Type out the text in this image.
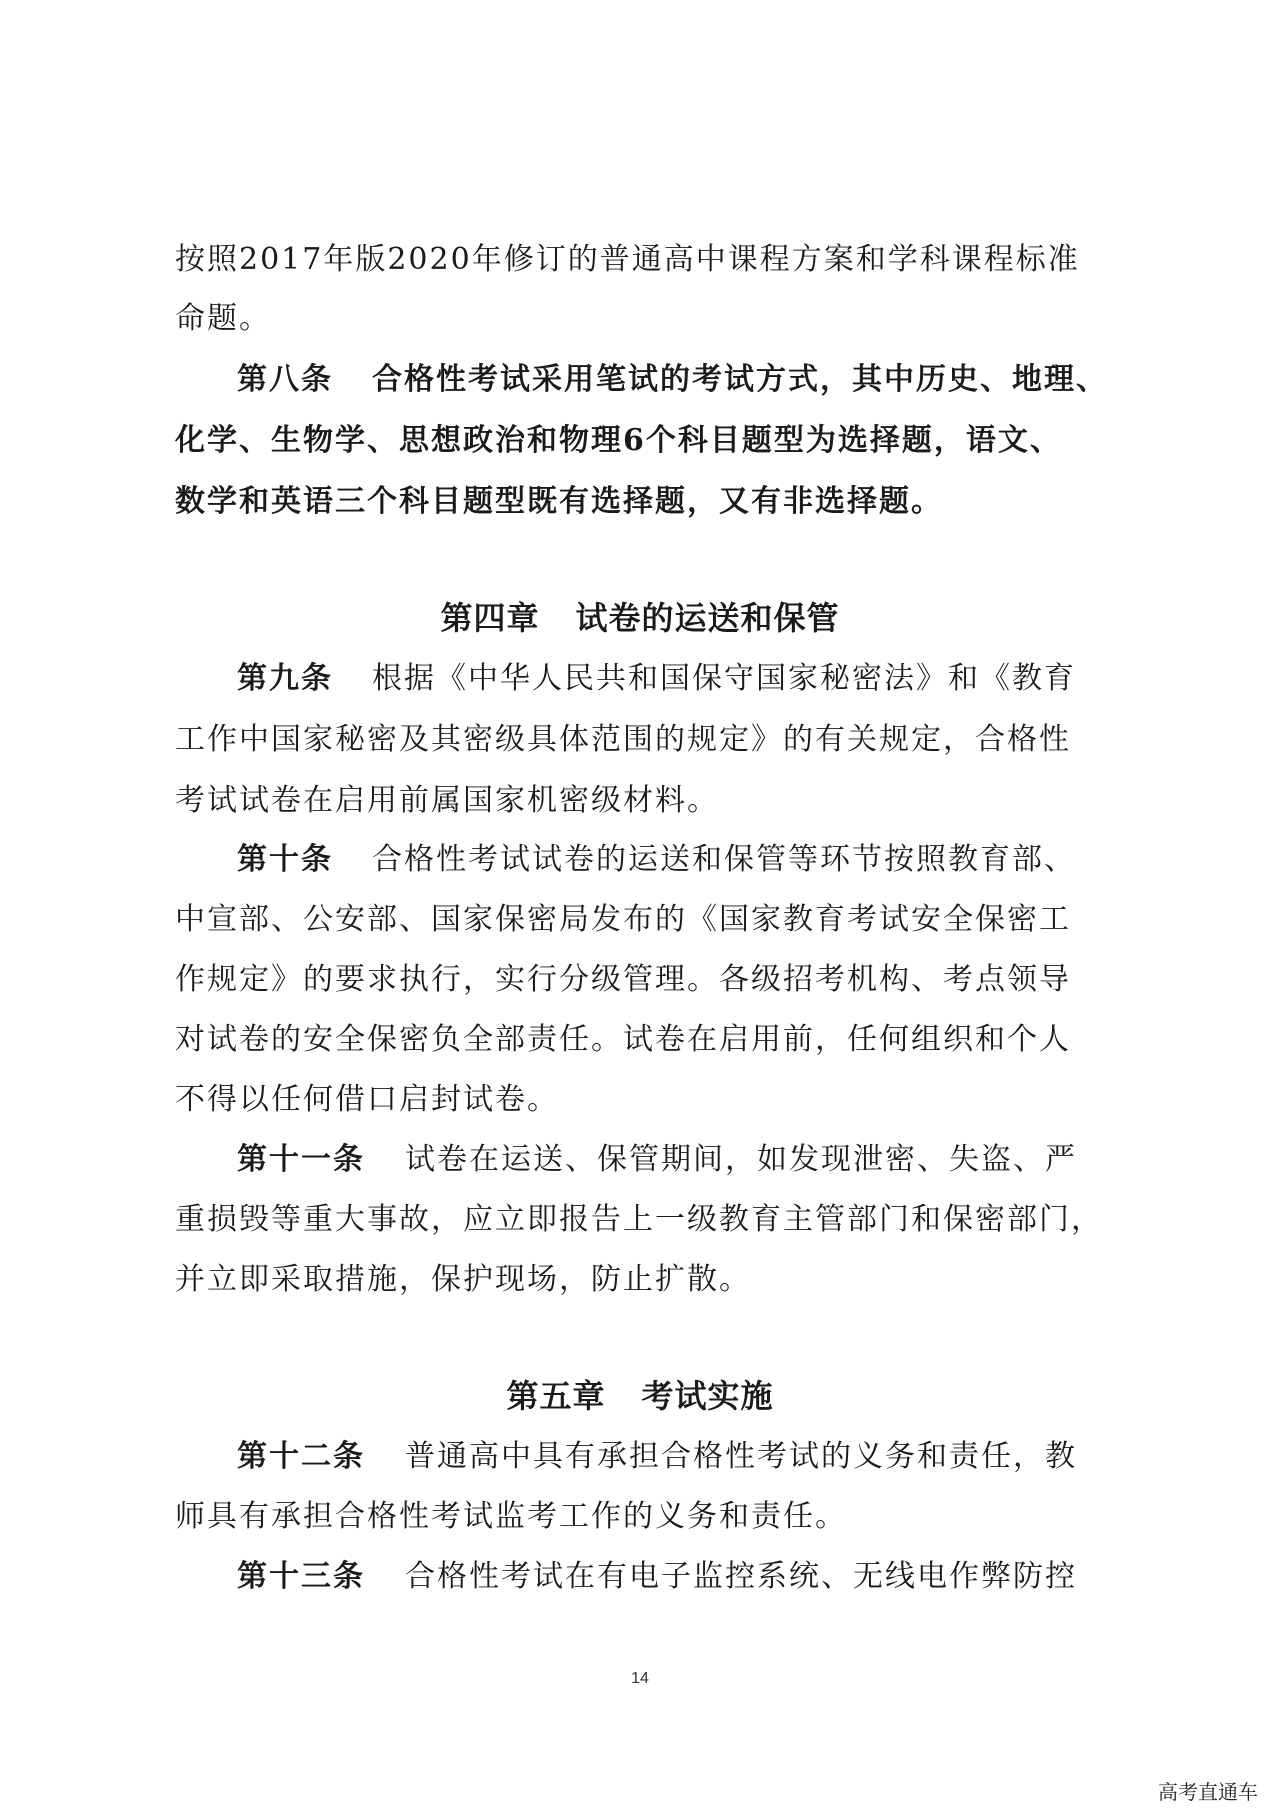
按照2017年版2020年修订的普通高中课程方案和学科课程标准
命题。
第八条 合格性考试采用笔试的考试方式，其中历史、地理、
化学、生物学、思想政治和物理6个科目题型为选择题，语文、
数学和英语三个科目题型既有选择题，又有非选择题。
第四章 试卷的运送和保管
第九条 根据《中华人民共和国保守国家秘密法》和《教育
工作中国家秘密及其密级具体范围的规定》的有关规定，合格性
考试试卷在启用前属国家机密级材料。
第十条 合格性考试试卷的运送和保管等环节按照教育部、
中宣部、公安部、国家保密局发布的《国家教育考试安全保密工
作规定》的要求执行，实行分级管理。各级招考机构、考点领导
对试卷的安全保密负全部责任。试卷在启用前，任何组织和个人
不得以任何借口启封试卷。
第十一条 试卷在运送、保管期间，如发现泄密、失盗、严
重损毁等重大事故，应立即报告上一级教育主管部门和保密部门，
并立即采取措施，保护现场，防止扩散。
第五章 考试实施
第十二条 普通高中具有承担合格性考试的义务和责任，教
师具有承担合格性考试监考工作的义务和责任。
第十三条 合格性考试在有电子监控系统、无线电作弊防控
14
高考直通车
